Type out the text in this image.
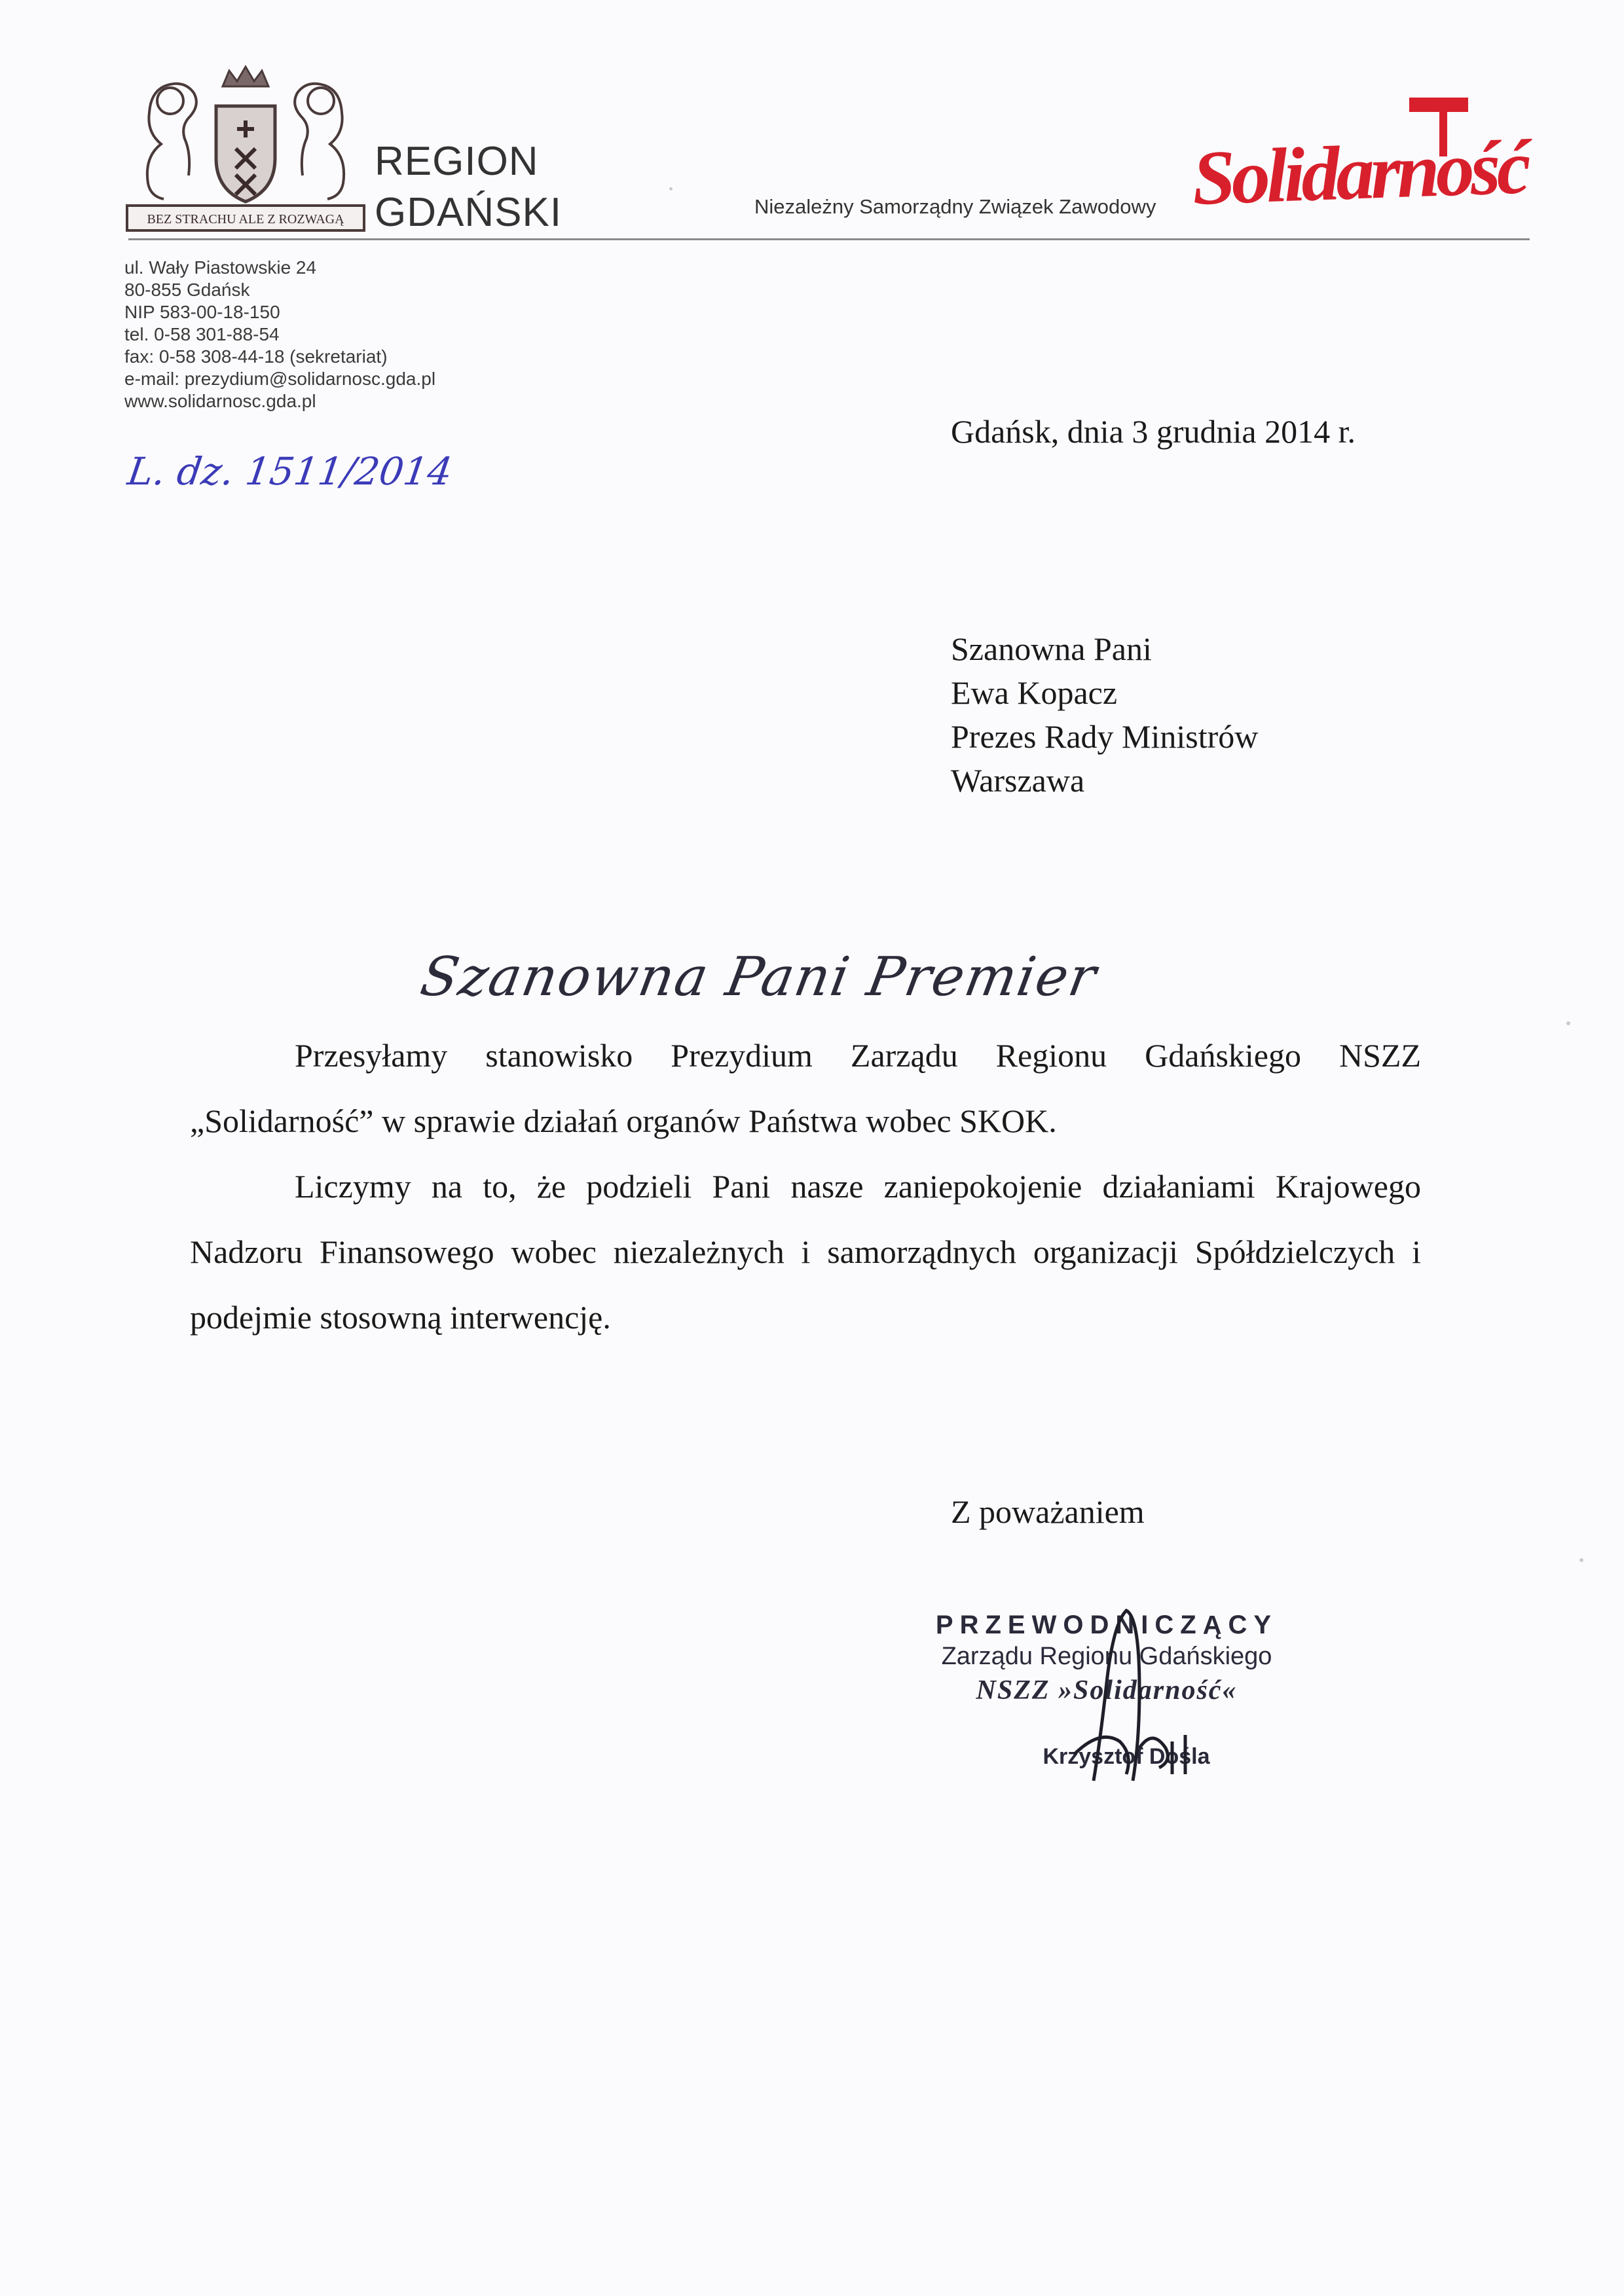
BEZ STRACHU ALE Z ROZWAGĄ
REGION
GDAŃSKI	Niezależny Samorządny Związek Zawodowy Solidarność
ul. Wały Piastowskie 24
80-855 Gdańsk
NIP 583-00-18-150
tel. 0-58 301-88-54
fax: 0-58 308-44-18 (sekretariat)
e-mail: prezydium@solidarnosc.gda.pl
www.solidarnosc.gda.pl
L. dz. 1511/2014
Gdańsk, dnia 3 grudnia 2014 r.
Szanowna Pani
Ewa Kopacz
Prezes Rady Ministrów
Warszawa
Szanowna Pani Premier
Przesyłamy stanowisko Prezydium Zarządu Regionu Gdańskiego NSZZ „Solidarność” w sprawie działań organów Państwa wobec SKOK.
Liczymy na to, że podzieli Pani nasze zaniepokojenie działaniami Krajowego Nadzoru Finansowego wobec niezależnych i samorządnych organizacji Spółdzielczych i podejmie stosowną interwencję.
Z poważaniem
PRZEWODNICZĄCY
Zarządu Regionu Gdańskiego
NSZZ »Solidarność«
Krzysztof Dośla
